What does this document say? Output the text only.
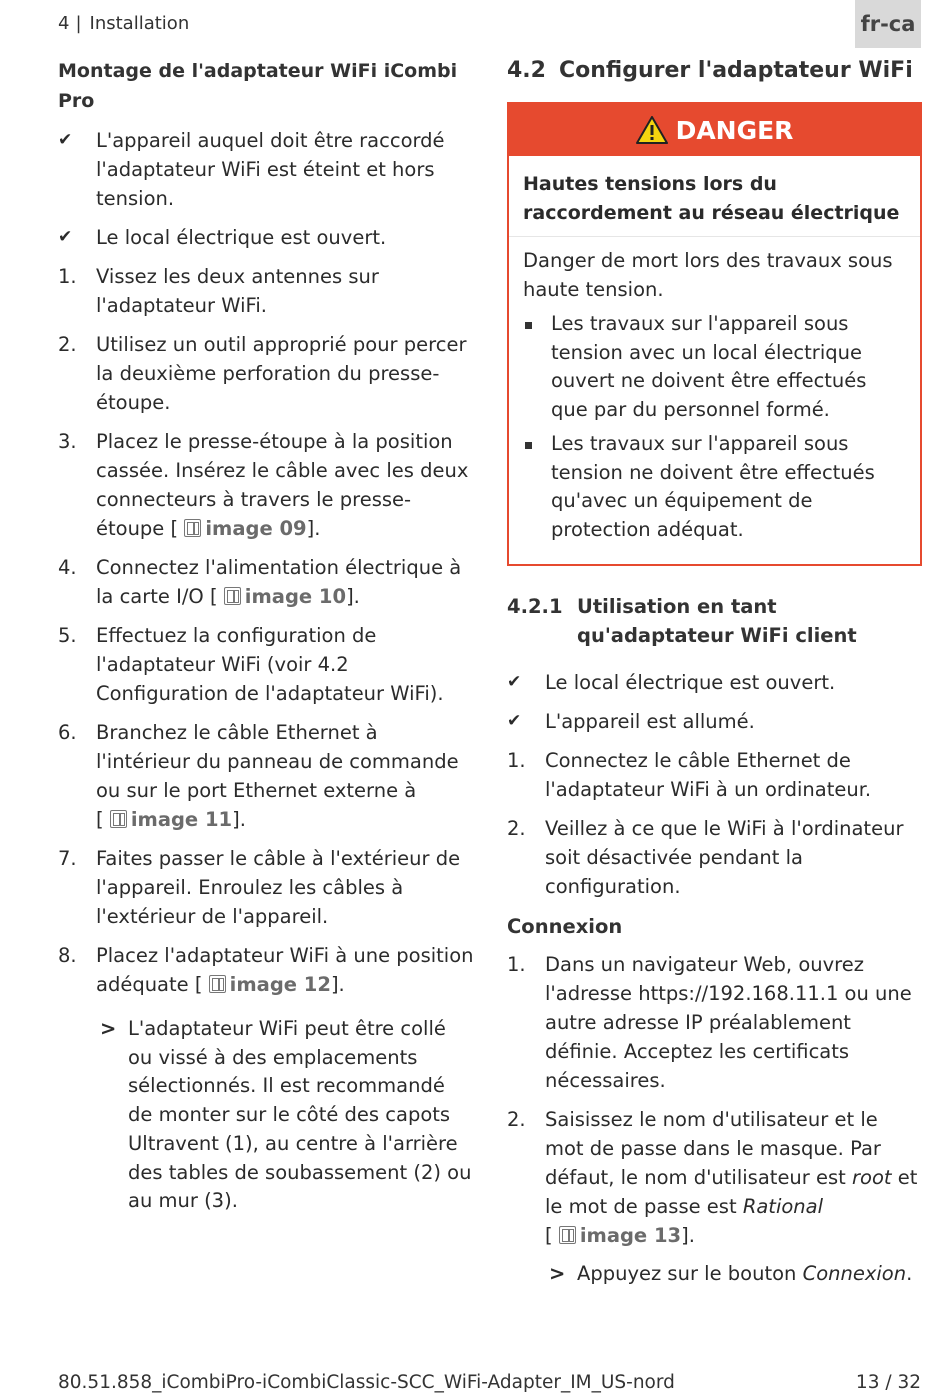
4 | Installation	fr-ca
Montage de l'adaptateur WiFi iCombi Pro
✔ L'appareil auquel doit être raccordé l'adaptateur WiFi est éteint et hors tension.
✔ Le local électrique est ouvert.
1. Vissez les deux antennes sur l'adaptateur WiFi.
2. Utilisez un outil approprié pour percer la deuxième perforation du presse-étoupe.
3. Placez le presse-étoupe à la position cassée. Insérez le câble avec les deux connecteurs à travers le presse-étoupe [ image 09].
4. Connectez l'alimentation électrique à la carte I/O [ image 10].
5. Effectuez la configuration de l'adaptateur WiFi (voir 4.2 Configuration de l'adaptateur WiFi).
6. Branchez le câble Ethernet à l'intérieur du panneau de commande ou sur le port Ethernet externe à [ image 11].
7. Faites passer le câble à l'extérieur de l'appareil. Enroulez les câbles à l'extérieur de l'appareil.
8. Placez l'adaptateur WiFi à une position adéquate [ image 12].
> L'adaptateur WiFi peut être collé ou vissé à des emplacements sélectionnés. Il est recommandé de monter sur le côté des capots Ultravent (1), au centre à l'arrière des tables de soubassement (2) ou au mur (3).
4.2 Configurer l'adaptateur WiFi
DANGER
Hautes tensions lors du raccordement au réseau électrique

Danger de mort lors des travaux sous haute tension.

Les travaux sur l'appareil sous tension avec un local électrique ouvert ne doivent être effectués que par du personnel formé.
Les travaux sur l'appareil sous tension ne doivent être effectués qu'avec un équipement de protection adéquat.
4.2.1 Utilisation en tant qu'adaptateur WiFi client
✔ Le local électrique est ouvert.
✔ L'appareil est allumé.
1. Connectez le câble Ethernet de l'adaptateur WiFi à un ordinateur.
2. Veillez à ce que le WiFi à l'ordinateur soit désactivée pendant la configuration.
Connexion
1. Dans un navigateur Web, ouvrez l'adresse https://192.168.11.1 ou une autre adresse IP préalablement définie. Acceptez les certificats nécessaires.
2. Saisissez le nom d'utilisateur et le mot de passe dans le masque. Par défaut, le nom d'utilisateur est root et le mot de passe est Rational [ image 13].
> Appuyez sur le bouton Connexion.
80.51.858_iCombiPro-iCombiClassic-SCC_WiFi-Adapter_IM_US-nord	13 / 32
